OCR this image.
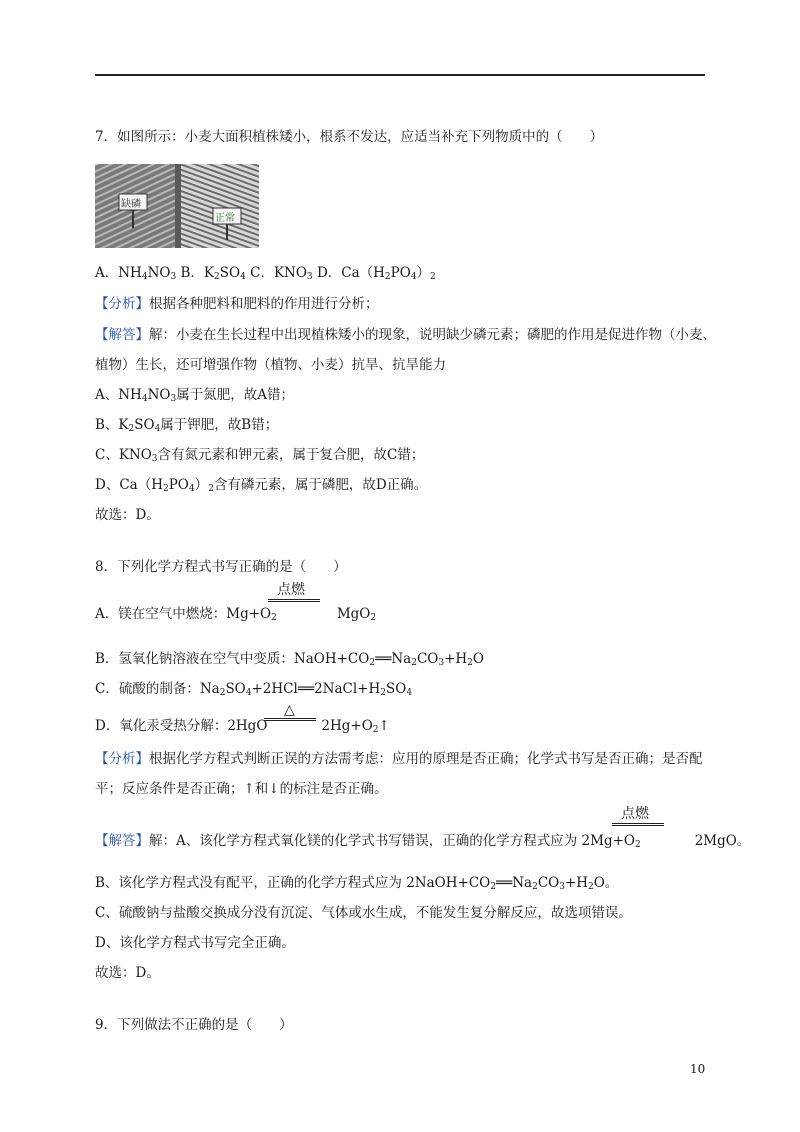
7．如图所示：小麦大面积植株矮小，根系不发达，应适当补充下列物质中的（　　）
缺磷
正常
A．$NH_4NO_3$ B．$K_2SO_4$ C．$KNO_3$ D．$Ca(H_2PO_4)_2$
【分析】根据各种肥料和肥料的作用进行分析；
【解答】解：小麦在生长过程中出现植株矮小的现象，说明缺少磷元素；磷肥的作用是促进作物（小麦、
植物）生长，还可增强作物（植物、小麦）抗旱、抗旱能力
A、$NH_4NO_3$属于氮肥，故A错；
B、$K_2SO_4$属于钾肥，故B错；
C、$KNO_3$含有氮元素和钾元素，属于复合肥，故C错；
D、$Ca(H_2PO_4)_2$含有磷元素，属于磷肥，故D正确。
故选：D。
8．下列化学方程式书写正确的是（　　）
点燃
A．镁在空气中燃烧：$Mg+O_2$	MgO$_2$
B．氢氧化钠溶液在空气中变质：$NaOH+CO_2══Na_2CO_3+H_2O$
C．硫酸的制备：$Na_2SO_4+2HCl══2NaCl+H_2SO_4$
△
D．氧化汞受热分解：2HgO	$2Hg+O_2↑$
【分析】根据化学方程式判断正误的方法需考虑：应用的原理是否正确；化学式书写是否正确；是否配
平；反应条件是否正确；↑和↓的标注是否正确。
点燃
【解答】解：A、该化学方程式氧化镁的化学式书写错误，正确的化学方程式应为 $2Mg+O_2$	2MgO。
B、该化学方程式没有配平，正确的化学方程式应为 $2NaOH+CO_2══Na_2CO_3+H_2O$。
C、硫酸钠与盐酸交换成分没有沉淀、气体或水生成，不能发生复分解反应，故选项错误。
D、该化学方程式书写完全正确。
故选：D。
9．下列做法不正确的是（　　）
10
